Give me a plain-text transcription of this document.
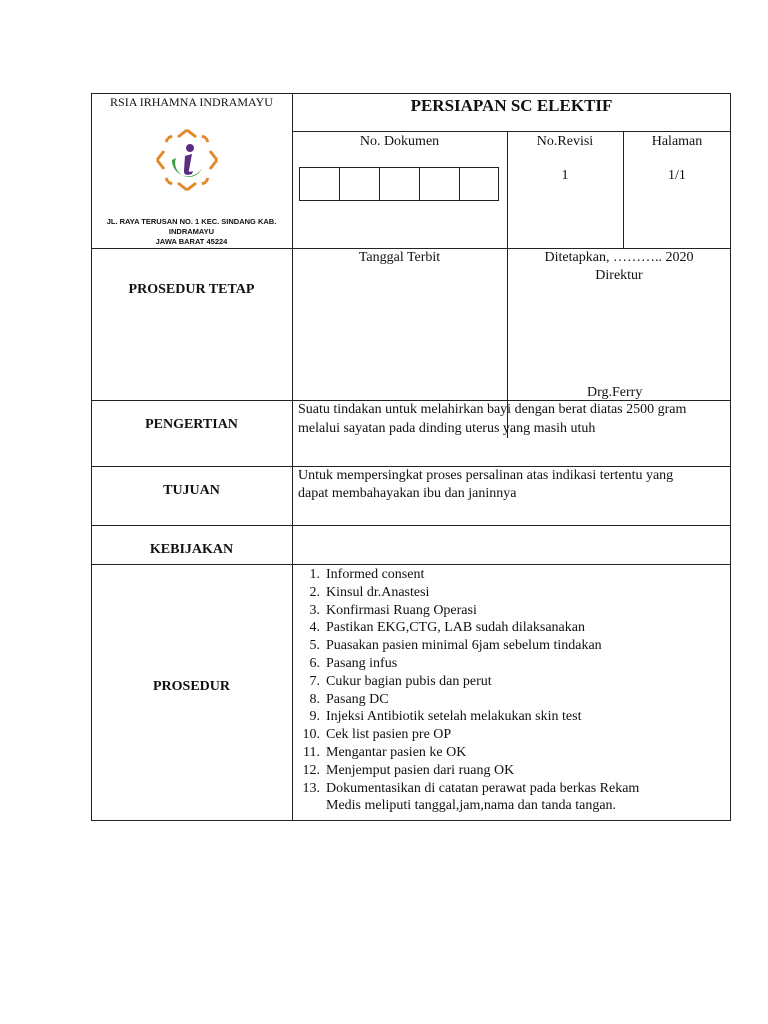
RSIA IRHAMNA INDRAMAYU
JL. RAYA TERUSAN NO. 1 KEC. SINDANG KAB.
INDRAMAYU
JAWA BARAT 45224
PERSIAPAN SC ELEKTIF
No. Dokumen	No.Revisi
1
Halaman
1/1
PROSEDUR TETAP
Tanggal Terbit	Ditetapkan, ……….. 2020
Direktur
Drg.Ferry
PENGERTIAN
Suatu tindakan untuk melahirkan bayi dengan berat diatas 2500 gram
melalui sayatan pada dinding uterus yang masih utuh
TUJUAN
Untuk mempersingkat proses persalinan atas indikasi tertentu yang
dapat membahayakan ibu dan janinnya
KEBIJAKAN
PROSEDUR
1. Informed consent
2. Kinsul dr.Anastesi
3. Konfirmasi Ruang Operasi
4. Pastikan EKG,CTG, LAB sudah dilaksanakan
5. Puasakan pasien minimal 6jam sebelum tindakan
6. Pasang infus
7. Cukur bagian pubis dan perut
8. Pasang DC
9. Injeksi Antibiotik setelah melakukan skin test
10. Cek list pasien pre OP
11. Mengantar pasien ke OK
12. Menjemput pasien dari ruang OK
13. Dokumentasikan di catatan perawat pada berkas Rekam
Medis meliputi tanggal,jam,nama dan tanda tangan.
